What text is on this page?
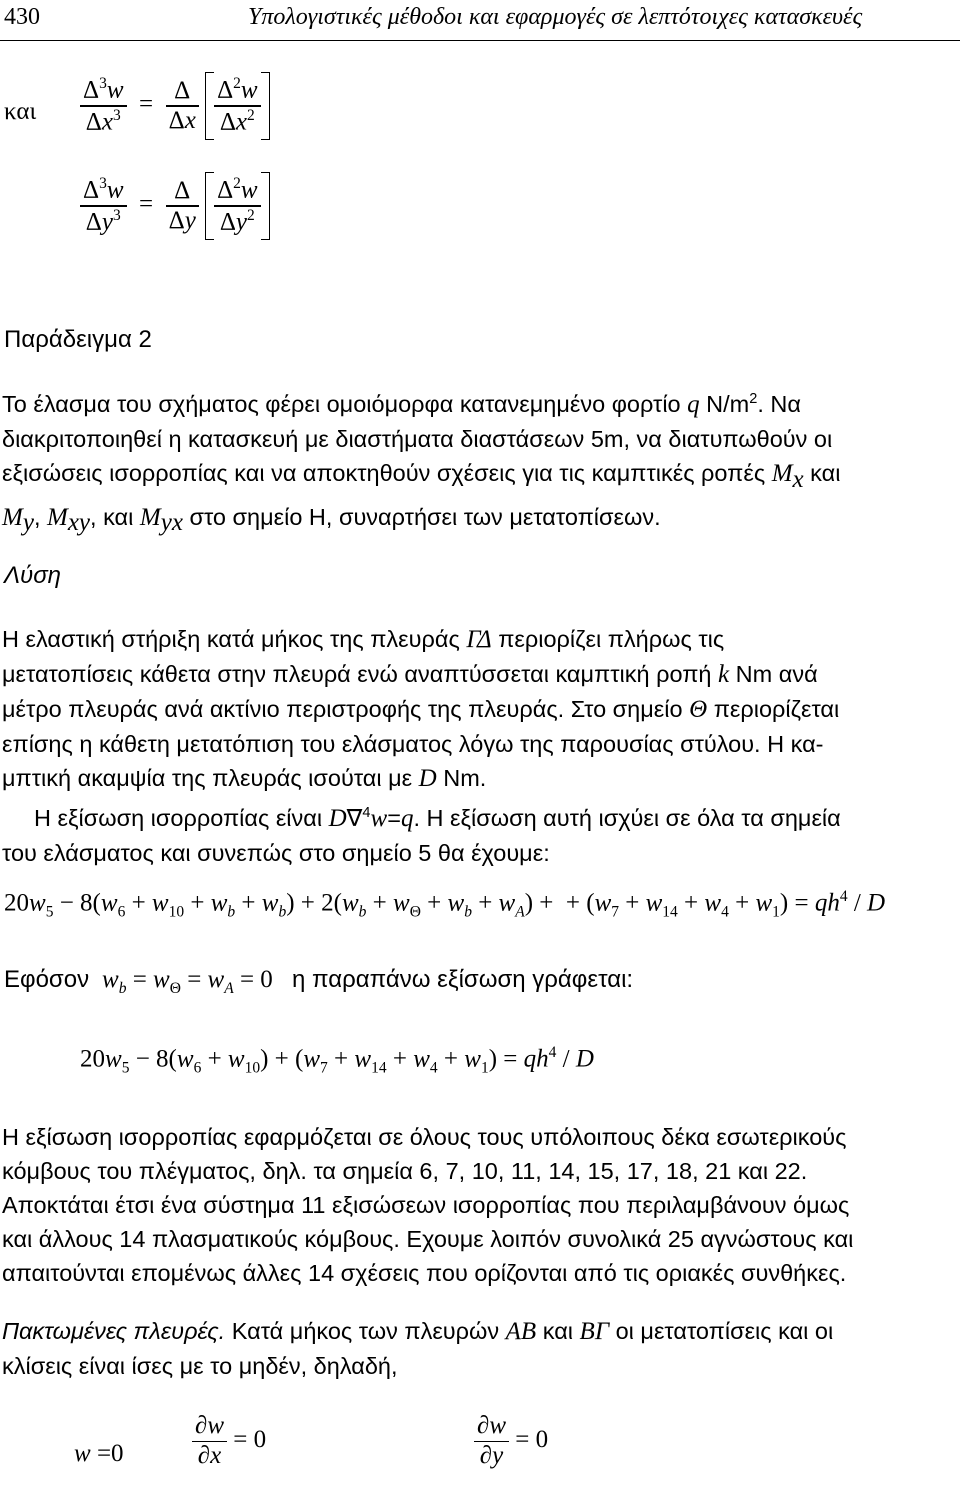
430	Υπολογιστικές μέθοδοι και εφαρμογές σε λεπτότοιχες κατασκευές
και $\frac{\Delta^3w}{\Delta x^3} = \frac{\Delta}{\Delta x}$
$\frac{\Delta^2w}{\Delta x^2}$
$\frac{\Delta^3w}{\Delta y^3} = \frac{\Delta}{\Delta y}$
$\frac{\Delta^2w}{\Delta y^2}$
Παράδειγμα 2
Το έλασμα του σχήματος φέρει ομοιόμορφα κατανεμημένο φορτίο q $N/m^2$. Να
διακριτοποιηθεί η κατασκευή με διαστήματα διαστάσεων 5m, να διατυπωθούν οι
εξισώσεις ισορροπίας και να αποκτηθούν σχέσεις για τις καμπτικές ροπές $M_x$ και
$M_y$, $M_{xy}$, και $M_{yx}$ στο σημείο Η, συναρτήσει των μετατοπίσεων.
Λύση
Η ελαστική στήριξη κατά μήκος της πλευράς ΓΔ περιορίζει πλήρως τις
μετατοπίσεις κάθετα στην πλευρά ενώ αναπτύσσεται καμπτική ροπή k Nm ανά
μέτρο πλευράς ανά ακτίνιο περιστροφής της πλευράς. Στο σημείο Θ περιορίζεται
επίσης η κάθετη μετατόπιση του ελάσματος λόγω της παρουσίας στύλου. Η κα-
μπτική ακαμψία της πλευράς ισούται με D Nm.
Η εξίσωση ισορροπίας είναι D∇$^4$w=q. Η εξίσωση αυτή ισχύει σε όλα τα σημεία
του ελάσματος και συνεπώς στο σημείο 5 θα έχουμε:
$20w_5 - 8(w_6 + w_{10} + w_b + w_b) + 2(w_b + w_\Theta + w_b + w_A)$ +  + $(w_7 + w_{14} + w_4 + w_1) = qh^4 / D$
Εφόσον $w_b = w_\Theta = w_A = 0$   η παραπάνω εξίσωση γράφεται:
$20w_5 - 8(w_6 + w_{10}) + (w_7 + w_{14} + w_4 + w_1) = qh^4 / D$
Η εξίσωση ισορροπίας εφαρμόζεται σε όλους τους υπόλοιπους δέκα εσωτερικούς
κόμβους του πλέγματος, δηλ. τα σημεία 6, 7, 10, 11, 14, 15, 17, 18, 21 και 22.
Αποκτάται έτσι ένα σύστημα 11 εξισώσεων ισορροπίας που περιλαμβάνουν όμως
και άλλους 14 πλασματικούς κόμβους. Εχουμε λοιπόν συνολικά 25 αγνώστους και
απαιτούνται επομένως άλλες 14 σχέσεις που ορίζονται από τις οριακές συνθήκες.
Πακτωμένες πλευρές. Κατά μήκος των πλευρών ΑΒ και ΒΓ οι μετατοπίσεις και οι
κλίσεις είναι ίσες με το μηδέν, δηλαδή,
w =0	$\frac{\partial w}{\partial x} = 0$	$\frac{\partial w}{\partial y} = 0$
